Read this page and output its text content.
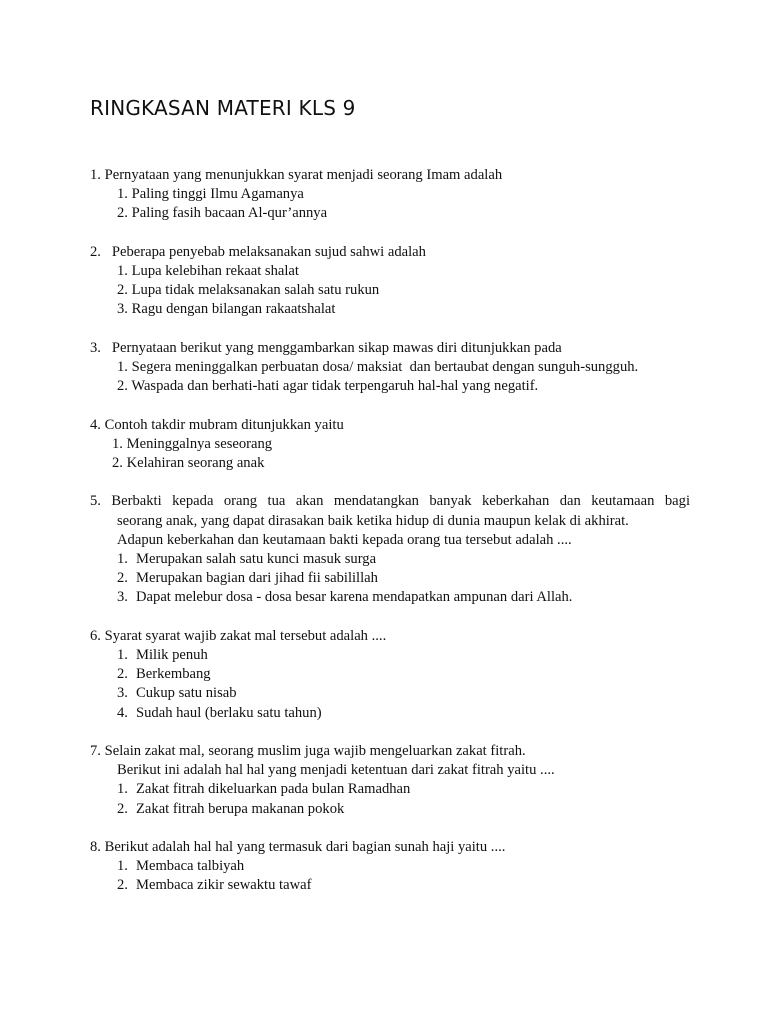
RINGKASAN MATERI KLS 9
1. Pernyataan yang menunjukkan syarat menjadi seorang Imam adalah
1. Paling tinggi Ilmu Agamanya
2. Paling fasih bacaan Al-qur’annya
2.   Peberapa penyebab melaksanakan sujud sahwi adalah
1. Lupa kelebihan rekaat shalat
2. Lupa tidak melaksanakan salah satu rukun
3. Ragu dengan bilangan rakaatshalat
3.   Pernyataan berikut yang menggambarkan sikap mawas diri ditunjukkan pada
1. Segera meninggalkan perbuatan dosa/ maksiat  dan bertaubat dengan sunguh-sungguh.
2. Waspada dan berhati-hati agar tidak terpengaruh hal-hal yang negatif.
4. Contoh takdir mubram ditunjukkan yaitu
1. Meninggalnya seseorang
2. Kelahiran seorang anak
5. Berbakti kepada orang tua akan mendatangkan banyak keberkahan dan keutamaan bagi
seorang anak, yang dapat dirasakan baik ketika hidup di dunia maupun kelak di akhirat.
Adapun keberkahan dan keutamaan bakti kepada orang tua tersebut adalah ....
1. Merupakan salah satu kunci masuk surga
2. Merupakan bagian dari jihad fii sabilillah
3. Dapat melebur dosa - dosa besar karena mendapatkan ampunan dari Allah.
6. Syarat syarat wajib zakat mal tersebut adalah ....
1. Milik penuh
2. Berkembang
3. Cukup satu nisab
4. Sudah haul (berlaku satu tahun)
7. Selain zakat mal, seorang muslim juga wajib mengeluarkan zakat fitrah.
Berikut ini adalah hal hal yang menjadi ketentuan dari zakat fitrah yaitu ....
1. Zakat fitrah dikeluarkan pada bulan Ramadhan
2. Zakat fitrah berupa makanan pokok
8. Berikut adalah hal hal yang termasuk dari bagian sunah haji yaitu ....
1. Membaca talbiyah
2. Membaca zikir sewaktu tawaf
